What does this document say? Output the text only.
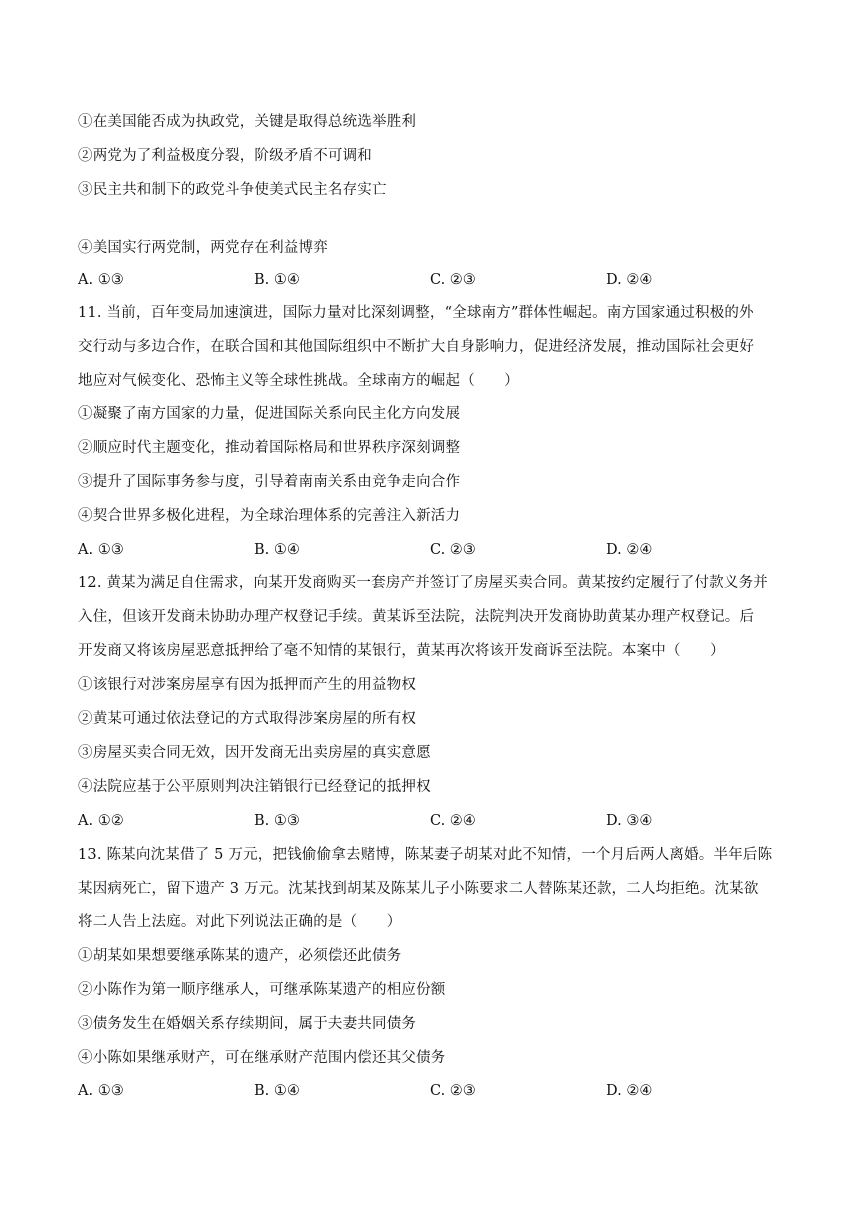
①在美国能否成为执政党，关键是取得总统选举胜利
②两党为了利益极度分裂，阶级矛盾不可调和
③民主共和制下的政党斗争使美式民主名存实亡
④美国实行两党制，两党存在利益博弈
A. ①③	B. ①④	C. ②③	D. ②④
11. 当前，百年变局加速演进，国际力量对比深刻调整，“全球南方”群体性崛起。南方国家通过积极的外
交行动与多边合作，在联合国和其他国际组织中不断扩大自身影响力，促进经济发展，推动国际社会更好
地应对气候变化、恐怖主义等全球性挑战。全球南方的崛起（　　）
①凝聚了南方国家的力量，促进国际关系向民主化方向发展
②顺应时代主题变化，推动着国际格局和世界秩序深刻调整
③提升了国际事务参与度，引导着南南关系由竞争走向合作
④契合世界多极化进程，为全球治理体系的完善注入新活力
A. ①③	B. ①④	C. ②③	D. ②④
12. 黄某为满足自住需求，向某开发商购买一套房产并签订了房屋买卖合同。黄某按约定履行了付款义务并
入住，但该开发商未协助办理产权登记手续。黄某诉至法院，法院判决开发商协助黄某办理产权登记。后
开发商又将该房屋恶意抵押给了毫不知情的某银行，黄某再次将该开发商诉至法院。本案中（　　）
①该银行对涉案房屋享有因为抵押而产生的用益物权
②黄某可通过依法登记的方式取得涉案房屋的所有权
③房屋买卖合同无效，因开发商无出卖房屋的真实意愿
④法院应基于公平原则判决注销银行已经登记的抵押权
A. ①②	B. ①③	C. ②④	D. ③④
13. 陈某向沈某借了 5 万元，把钱偷偷拿去赌博，陈某妻子胡某对此不知情，一个月后两人离婚。半年后陈
某因病死亡，留下遗产 3 万元。沈某找到胡某及陈某儿子小陈要求二人替陈某还款，二人均拒绝。沈某欲
将二人告上法庭。对此下列说法正确的是（　　）
①胡某如果想要继承陈某的遗产，必须偿还此债务
②小陈作为第一顺序继承人，可继承陈某遗产的相应份额
③债务发生在婚姻关系存续期间，属于夫妻共同债务
④小陈如果继承财产，可在继承财产范围内偿还其父债务
A. ①③	B. ①④	C. ②③	D. ②④
